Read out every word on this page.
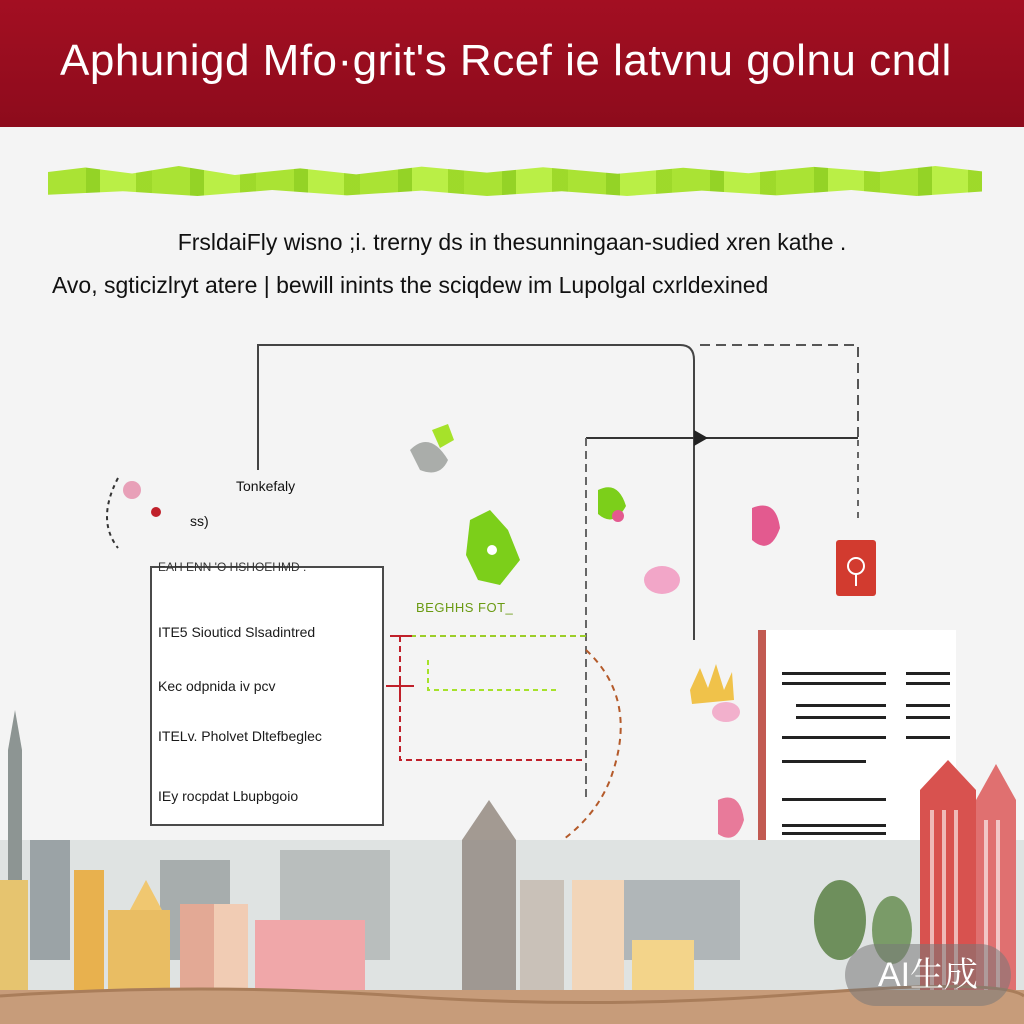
Aphunigd Mfo·grit's Rcef ie latvnu golnu cndl
FrsldaiFly wisno ;i. trerny ds in thesunningaan-sudied xren kathe .
Avo, sgticizlryt atere | bewill inints the sciqdew im Lupolgal cxrldexined
Tonkefaly
ss)
BEGHHS FOT_
EAH ENN 'O HSHOEHMD .
ITE5 Siouticd Slsadintred
Kec odpnida iv pcv
ITELv. Pholvet Dltefbeglec
IEy rocpdat Lbupbgoio
AI生成
